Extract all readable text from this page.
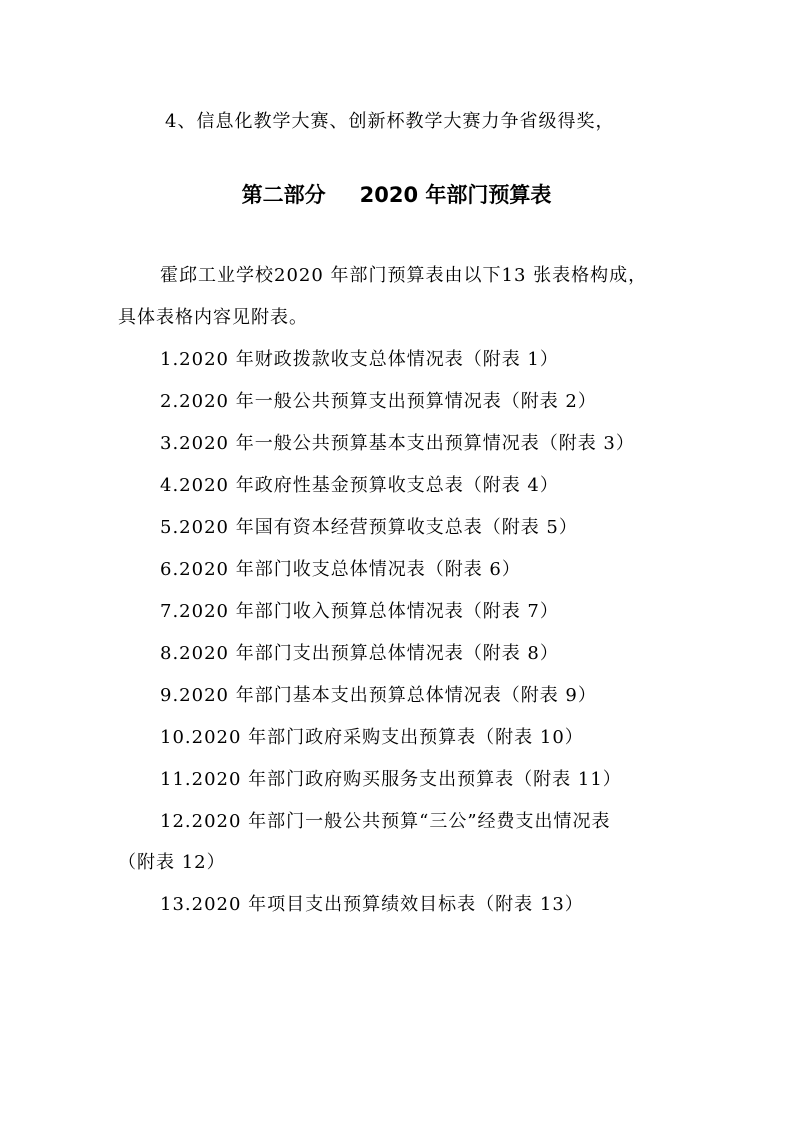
4、信息化教学大赛、创新杯教学大赛力争省级得奖，
第二部分 2020 年部门预算表
霍邱工业学校2020 年部门预算表由以下13 张表格构成，
具体表格内容见附表。
1.2020 年财政拨款收支总体情况表（附表 1）
2.2020 年一般公共预算支出预算情况表（附表 2）
3.2020 年一般公共预算基本支出预算情况表（附表 3）
4.2020 年政府性基金预算收支总表（附表 4）
5.2020 年国有资本经营预算收支总表（附表 5）
6.2020 年部门收支总体情况表（附表 6）
7.2020 年部门收入预算总体情况表（附表 7）
8.2020 年部门支出预算总体情况表（附表 8）
9.2020 年部门基本支出预算总体情况表（附表 9）
10.2020 年部门政府采购支出预算表（附表 10）
11.2020 年部门政府购买服务支出预算表（附表 11）
12.2020 年部门一般公共预算“三公”经费支出情况表
（附表 12）
13.2020 年项目支出预算绩效目标表（附表 13）
